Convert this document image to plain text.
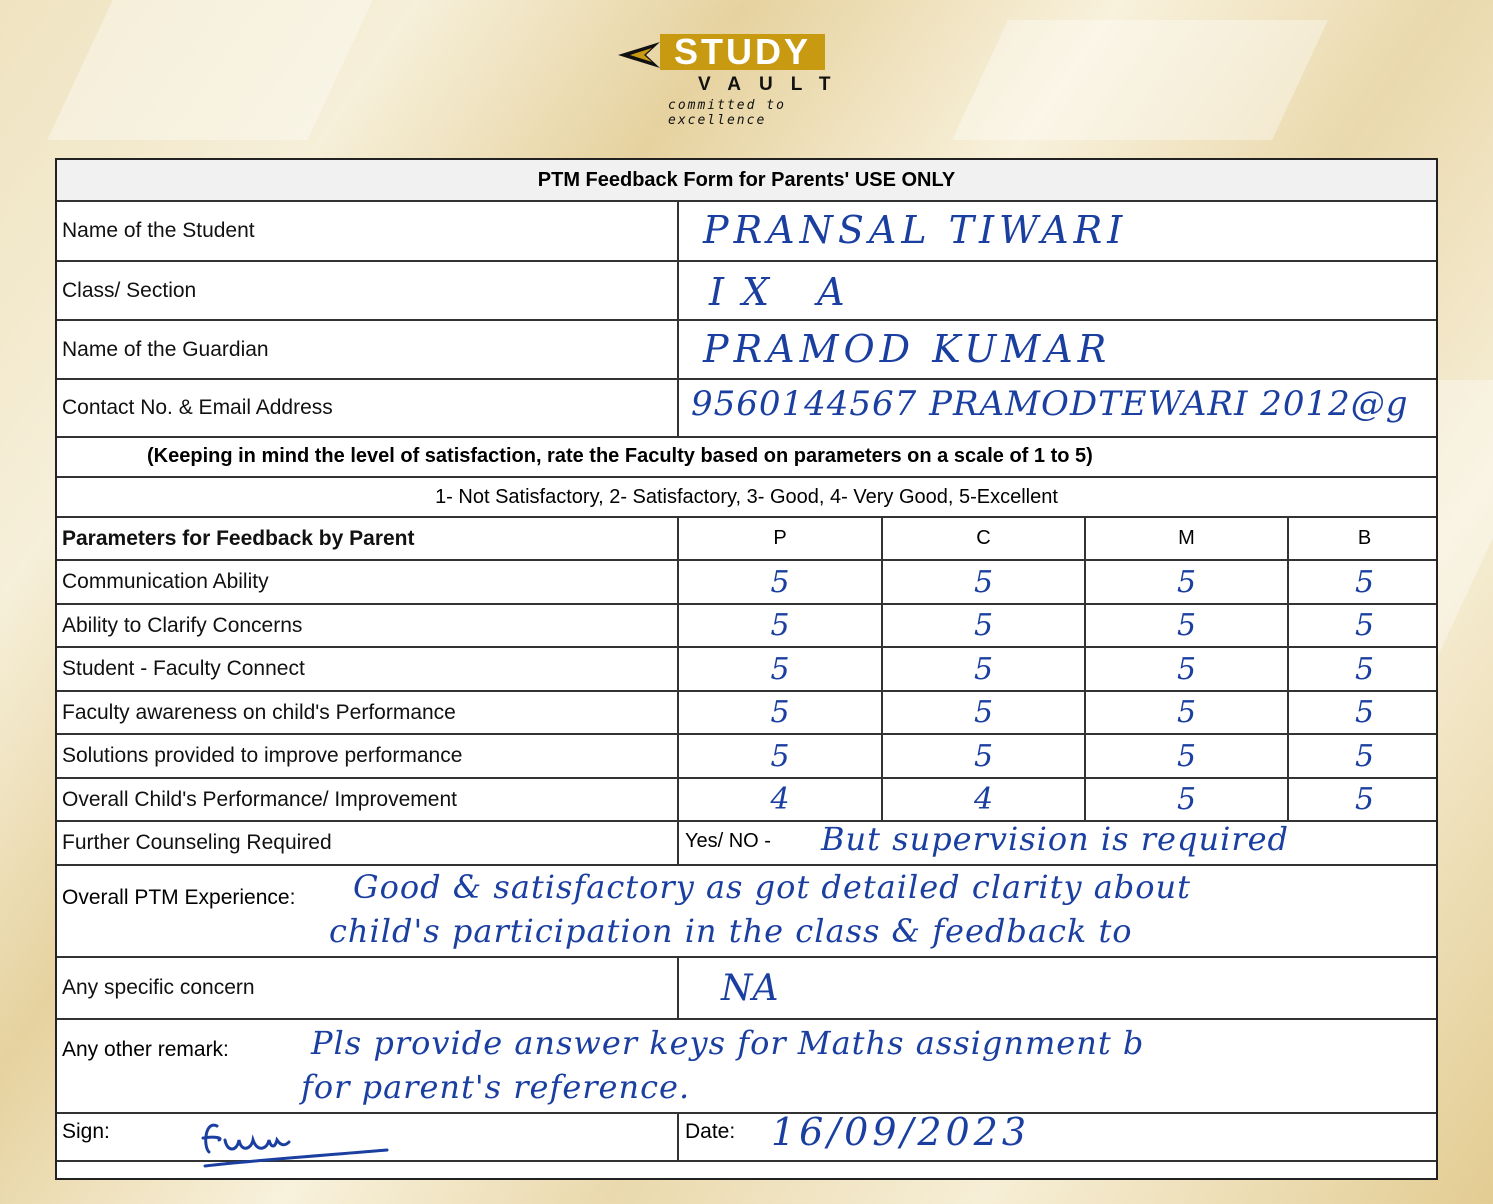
STUDY
VAULT
committed to excellence
PTM Feedback Form for Parents' USE ONLY
Name of the Student	PRANSAL TIWARI
Class/ Section	IX A
Name of the Guardian	PRAMOD KUMAR
Contact No. & Email Address	9560144567 PRAMODTEWARI 2012@g
(Keeping in mind the level of satisfaction, rate the Faculty based on parameters on a scale of 1 to 5)
1- Not Satisfactory, 2- Satisfactory, 3- Good, 4- Very Good, 5-Excellent
Parameters for Feedback by Parent	P	C	M	B
Communication Ability	5	5	5	5
Ability to Clarify Concerns	5	5	5	5
Student - Faculty Connect	5	5	5	5
Faculty awareness on child's Performance	5	5	5	5
Solutions provided to improve performance	5	5	5	5
Overall Child's Performance/ Improvement	4	4	5	5
Further Counseling Required	Yes/ NO - But supervision is required
Overall PTM Experience: Good & satisfactory as got detailed clarity about
child's participation in the class & feedback to
Any specific concern	NA
Any other remark:	Pls provide answer keys for Maths assignment b
for parent's reference.
Sign:	Date: 16/09/2023
